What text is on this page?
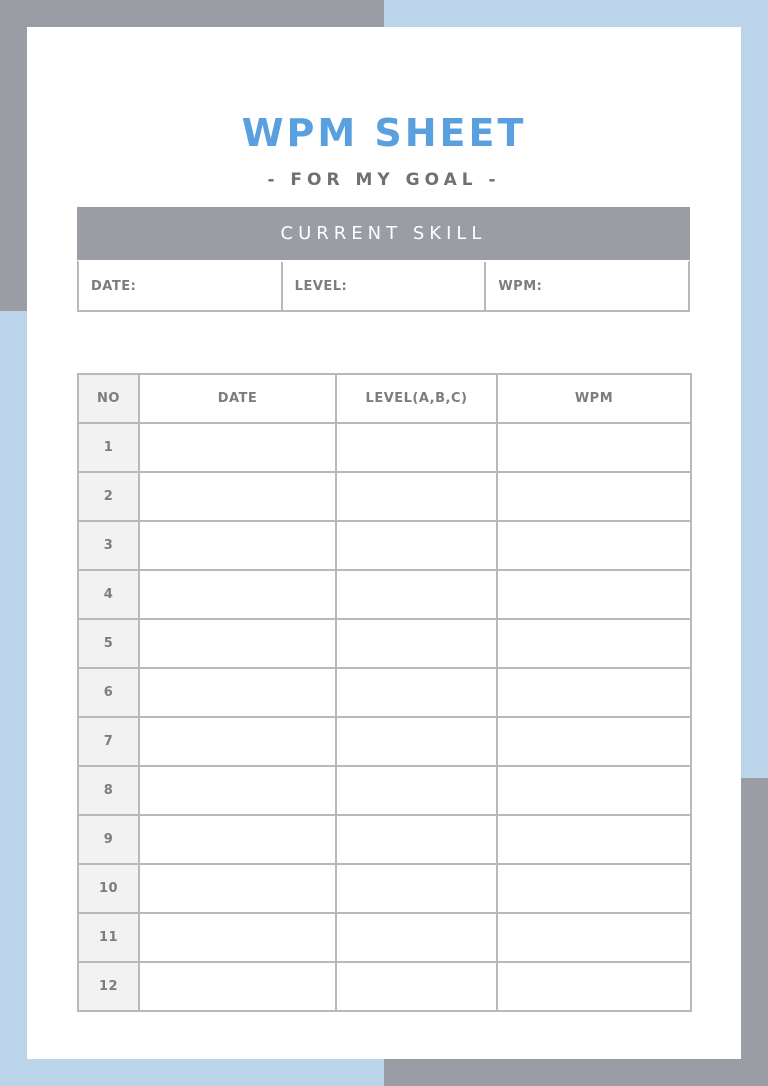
WPM SHEET
- FOR MY GOAL -
CURRENT SKILL
DATE:	LEVEL:	WPM:
NO	DATE	LEVEL(A,B,C)	WPM
1			
2			
3			
4			
5			
6			
7			
8			
9			
10			
11			
12			
